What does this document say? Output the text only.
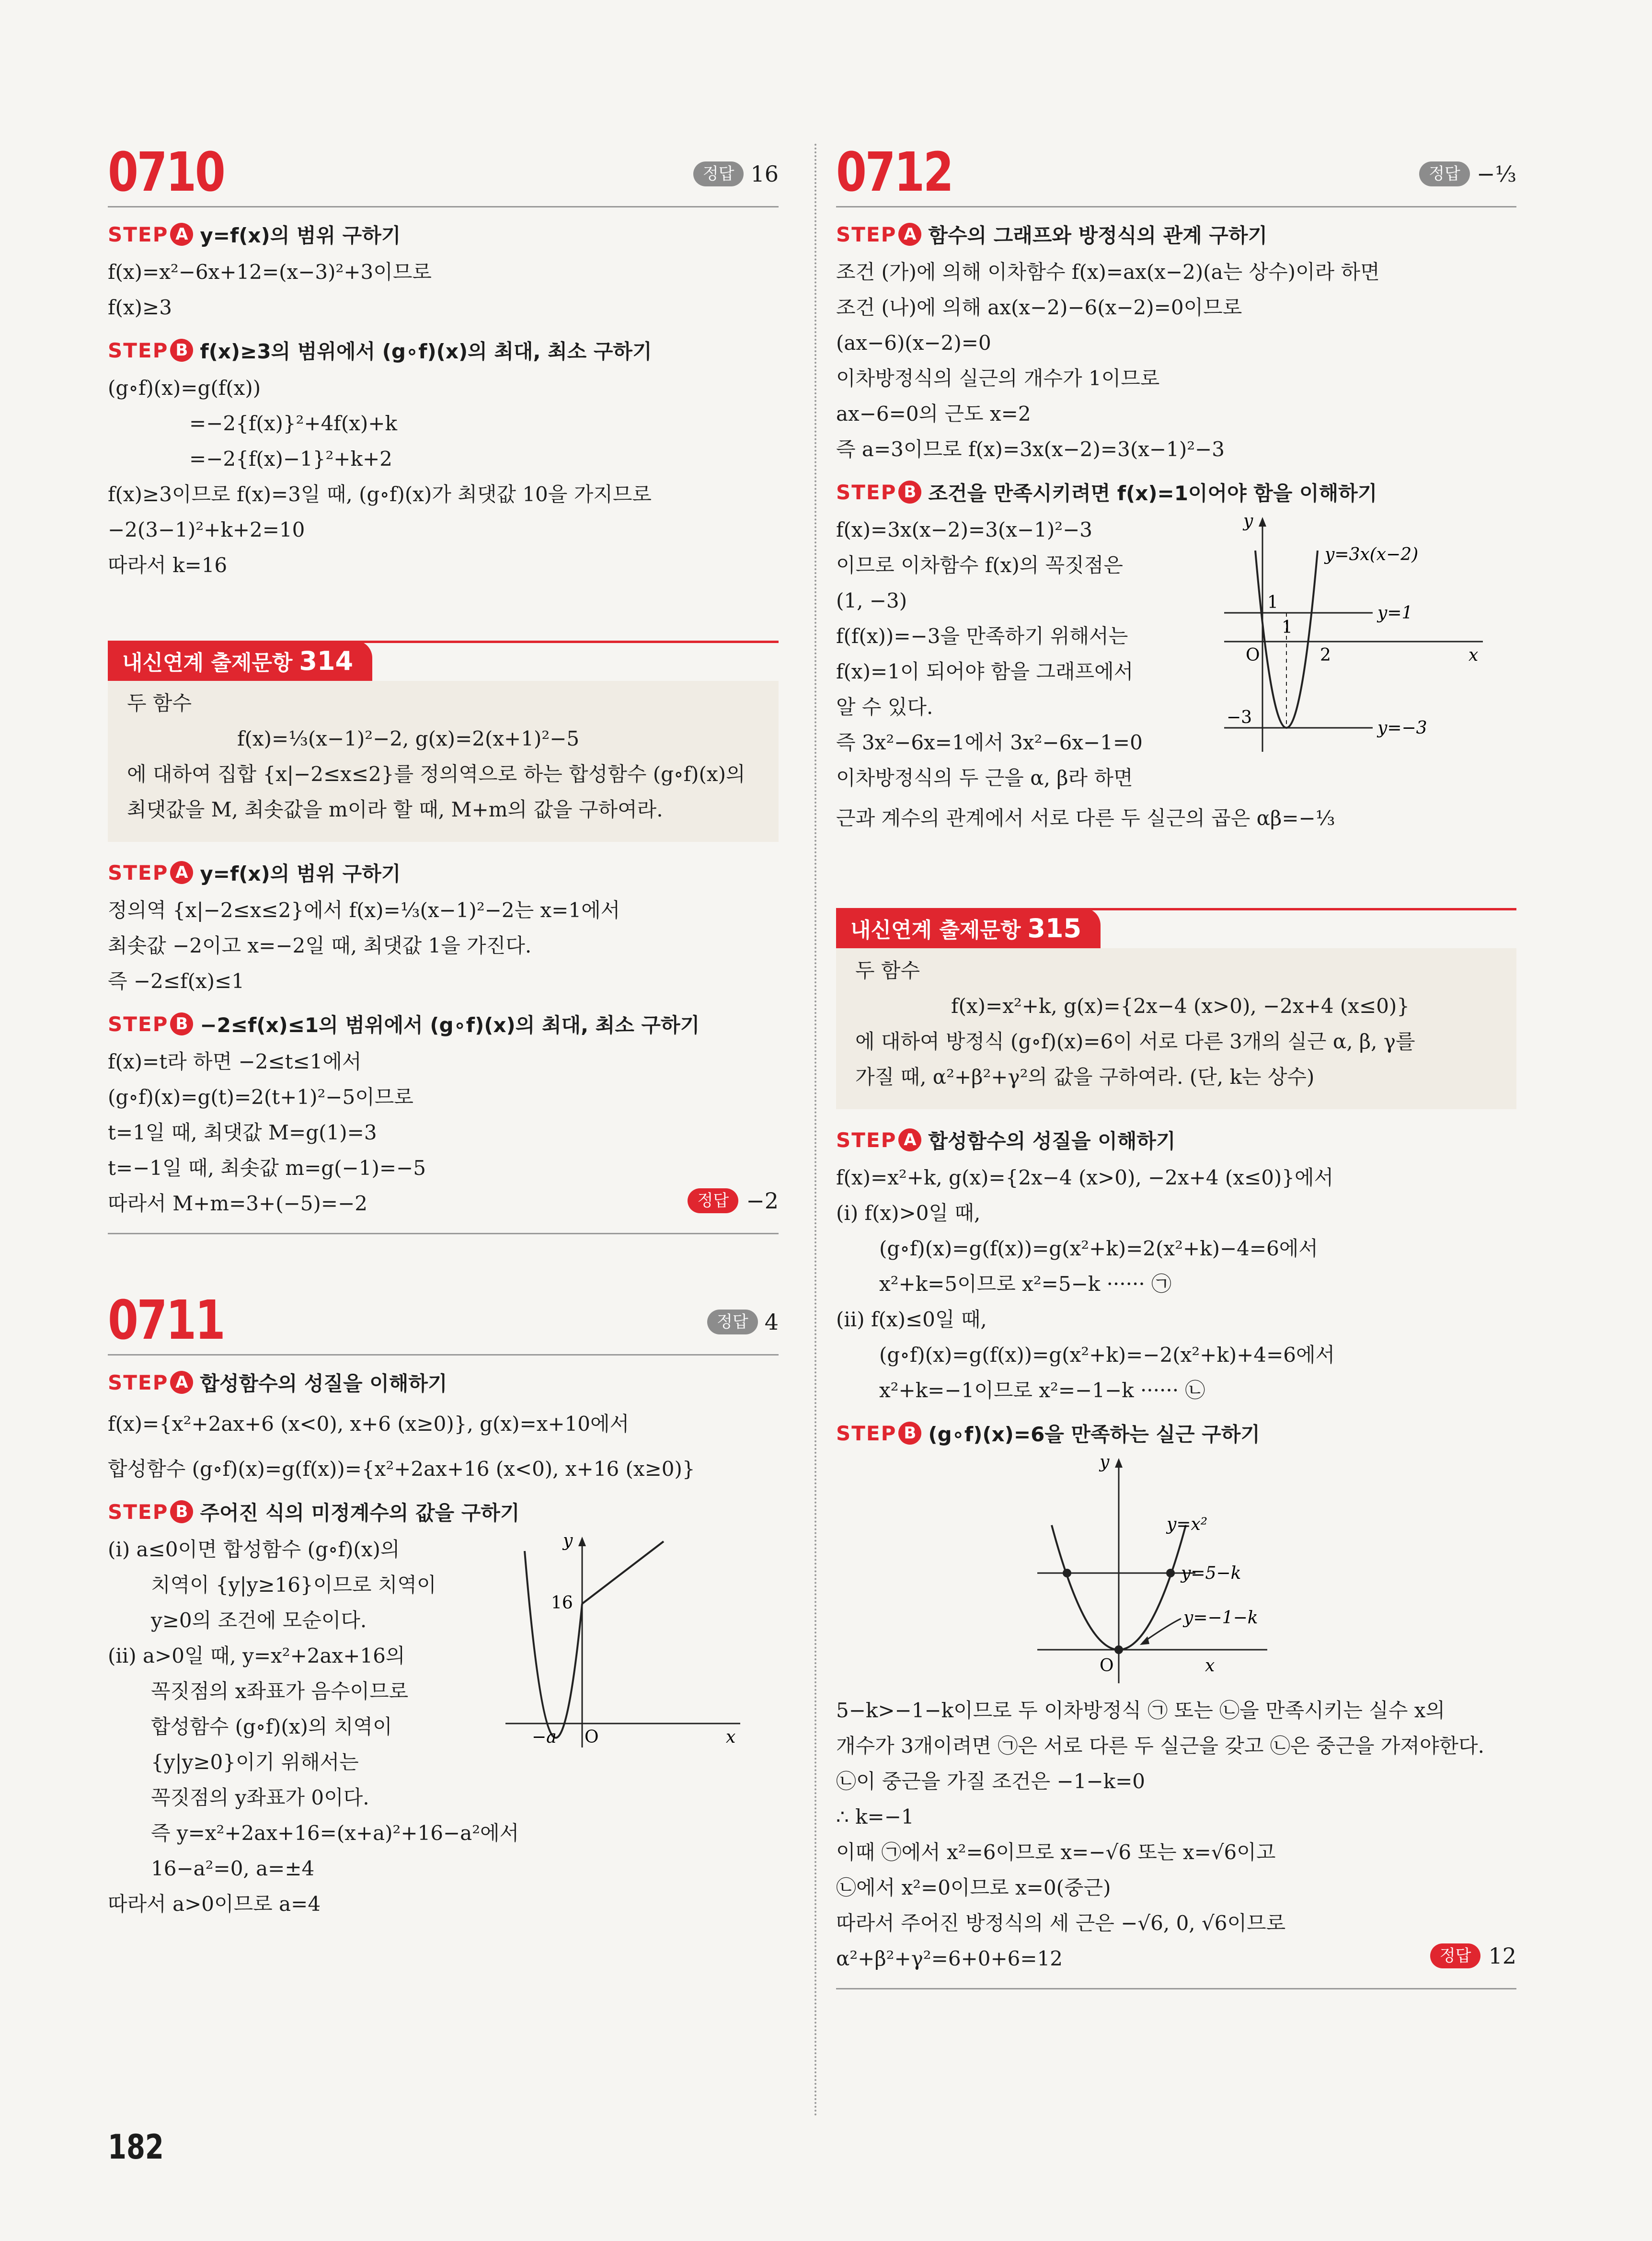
0710	정답 16
STEP A y=f(x)의 범위 구하기
f(x)=x²−6x+12=(x−3)²+3이므로
f(x)≥3
STEP B f(x)≥3의 범위에서 (g∘f)(x)의 최대, 최소 구하기
(g∘f)(x)=g(f(x))
=−2{f(x)}²+4f(x)+k
=−2{f(x)−1}²+k+2
f(x)≥3이므로 f(x)=3일 때, (g∘f)(x)가 최댓값 10을 가지므로
−2(3−1)²+k+2=10
따라서 k=16
내신연계 출제문항 314
두 함수
f(x)=⅓(x−1)²−2, g(x)=2(x+1)²−5
에 대하여 집합 {x|−2≤x≤2}를 정의역으로 하는 합성함수 (g∘f)(x)의
최댓값을 M, 최솟값을 m이라 할 때, M+m의 값을 구하여라.
STEP A y=f(x)의 범위 구하기
정의역 {x|−2≤x≤2}에서 f(x)=⅓(x−1)²−2는 x=1에서
최솟값 −2이고 x=−2일 때, 최댓값 1을 가진다.
즉 −2≤f(x)≤1
STEP B −2≤f(x)≤1의 범위에서 (g∘f)(x)의 최대, 최소 구하기
f(x)=t라 하면 −2≤t≤1에서
(g∘f)(x)=g(t)=2(t+1)²−5이므로
t=1일 때, 최댓값 M=g(1)=3
t=−1일 때, 최솟값 m=g(−1)=−5
따라서 M+m=3+(−5)=−2	정답 −2
0711	정답 4
STEP A 합성함수의 성질을 이해하기
f(x)={x²+2ax+6 (x<0), x+6 (x≥0)}, g(x)=x+10에서
합성함수 (g∘f)(x)=g(f(x))={x²+2ax+16 (x<0), x+16 (x≥0)}
STEP B 주어진 식의 미정계수의 값을 구하기
(ⅰ) a≤0이면 합성함수 (g∘f)(x)의
치역이 {y|y≥16}이므로 치역이
y≥0의 조건에 모순이다.
(ⅱ) a>0일 때, y=x²+2ax+16의
꼭짓점의 x좌표가 음수이므로
합성함수 (g∘f)(x)의 치역이
{y|y≥0}이기 위해서는
꼭짓점의 y좌표가 0이다.
즉 y=x²+2ax+16=(x+a)²+16−a²에서
16−a²=0, a=±4
따라서 a>0이므로 a=4
y
16
−a O	x
0712	정답 −⅓
STEP A 함수의 그래프와 방정식의 관계 구하기
조건 (가)에 의해 이차함수 f(x)=ax(x−2)(a는 상수)이라 하면
조건 (나)에 의해 ax(x−2)−6(x−2)=0이므로
(ax−6)(x−2)=0
이차방정식의 실근의 개수가 1이므로
ax−6=0의 근도 x=2
즉 a=3이므로 f(x)=3x(x−2)=3(x−1)²−3
STEP B 조건을 만족시키려면 f(x)=1이어야 함을 이해하기
f(x)=3x(x−2)=3(x−1)²−3
이므로 이차함수 f(x)의 꼭짓점은
(1, −3)
f(f(x))=−3을 만족하기 위해서는
f(x)=1이 되어야 함을 그래프에서
알 수 있다.
즉 3x²−6x=1에서 3x²−6x−1=0
이차방정식의 두 근을 α, β라 하면
근과 계수의 관계에서 서로 다른 두 실근의 곱은 αβ=−⅓
y
y=3x(x−2)
1
1
y=1
O	2	x
−3
y=−3
내신연계 출제문항 315
두 함수
f(x)=x²+k, g(x)={2x−4 (x>0), −2x+4 (x≤0)}
에 대하여 방정식 (g∘f)(x)=6이 서로 다른 3개의 실근 α, β, γ를
가질 때, α²+β²+γ²의 값을 구하여라. (단, k는 상수)
STEP A 합성함수의 성질을 이해하기
f(x)=x²+k, g(x)={2x−4 (x>0), −2x+4 (x≤0)}에서
(ⅰ) f(x)>0일 때,
(g∘f)(x)=g(f(x))=g(x²+k)=2(x²+k)−4=6에서
x²+k=5이므로 x²=5−k ······ ㉠
(ⅱ) f(x)≤0일 때,
(g∘f)(x)=g(f(x))=g(x²+k)=−2(x²+k)+4=6에서
x²+k=−1이므로 x²=−1−k ······ ㉡
STEP B (g∘f)(x)=6을 만족하는 실근 구하기
y
y=x²
y=5−k
y=−1−k
O	x
5−k>−1−k이므로 두 이차방정식 ㉠ 또는 ㉡을 만족시키는 실수 x의
개수가 3개이려면 ㉠은 서로 다른 두 실근을 갖고 ㉡은 중근을 가져야한다.
㉡이 중근을 가질 조건은 −1−k=0
∴ k=−1
이때 ㉠에서 x²=6이므로 x=−√6 또는 x=√6이고
㉡에서 x²=0이므로 x=0(중근)
따라서 주어진 방정식의 세 근은 −√6, 0, √6이므로
α²+β²+γ²=6+0+6=12	정답 12
182
